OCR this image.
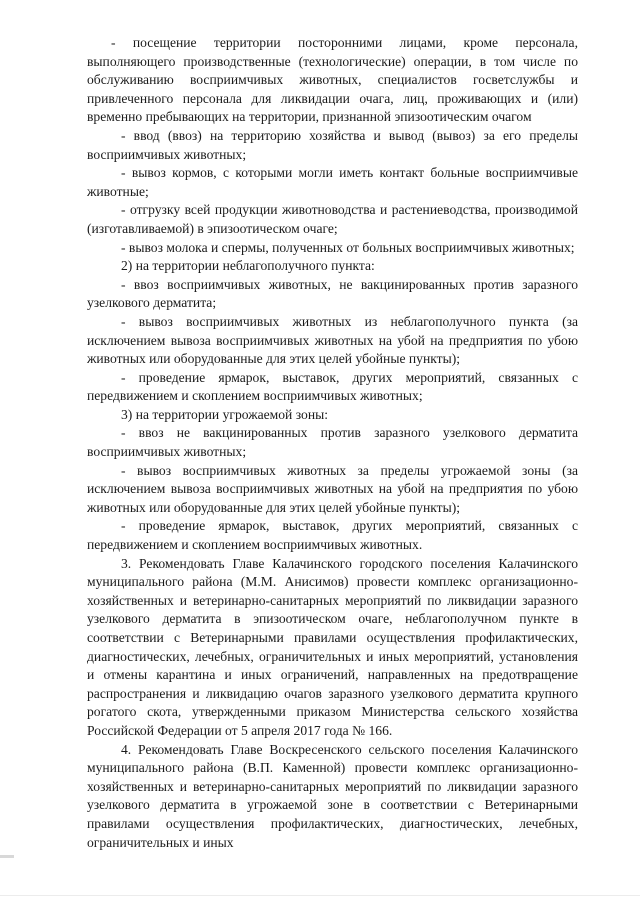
- посещение территории посторонними лицами, кроме персонала, выполняющего производственные (технологические) операции, в том числе по обслуживанию восприимчивых животных, специалистов госветслужбы и привлеченного персонала для ликвидации очага, лиц, проживающих и (или) временно пребывающих на территории, признанной эпизоотическим очагом

- ввод (ввоз) на территорию хозяйства и вывод (вывоз) за его пределы восприимчивых животных;

- вывоз кормов, с которыми могли иметь контакт больные восприимчивые животные;

- отгрузку всей продукции животноводства и растениеводства, производимой (изготавливаемой) в эпизоотическом очаге;

- вывоз молока и спермы, полученных от больных восприимчивых животных;

2) на территории неблагополучного пункта:

- ввоз восприимчивых животных, не вакцинированных против заразного узелкового дерматита;

- вывоз восприимчивых животных из неблагополучного пункта (за исключением вывоза восприимчивых животных на убой на предприятия по убою животных или оборудованные для этих целей убойные пункты);

- проведение ярмарок, выставок, других мероприятий, связанных с передвижением и скоплением восприимчивых животных;

3) на территории угрожаемой зоны:

- ввоз не вакцинированных против заразного узелкового дерматита восприимчивых животных;

- вывоз восприимчивых животных за пределы угрожаемой зоны (за исключением вывоза восприимчивых животных на убой на предприятия по убою животных или оборудованные для этих целей убойные пункты);

- проведение ярмарок, выставок, других мероприятий, связанных с передвижением и скоплением восприимчивых животных.

3. Рекомендовать Главе Калачинского городского поселения Калачинского муниципального района (М.М. Анисимов) провести комплекс организационно-хозяйственных и ветеринарно-санитарных мероприятий по ликвидации заразного узелкового дерматита в эпизоотическом очаге, неблагополучном пункте в соответствии с Ветеринарными правилами осуществления профилактических, диагностических, лечебных, ограничительных и иных мероприятий, установления и отмены карантина и иных ограничений, направленных на предотвращение распространения и ликвидацию очагов заразного узелкового дерматита крупного рогатого скота, утвержденными приказом Министерства сельского хозяйства Российской Федерации от 5 апреля 2017 года № 166.

4. Рекомендовать Главе Воскресенского сельского поселения Калачинского муниципального района (В.П. Каменной) провести комплекс организационно-хозяйственных и ветеринарно-санитарных мероприятий по ликвидации заразного узелкового дерматита в угрожаемой зоне в соответствии с Ветеринарными правилами осуществления профилактических, диагностических, лечебных, ограничительных и иных
